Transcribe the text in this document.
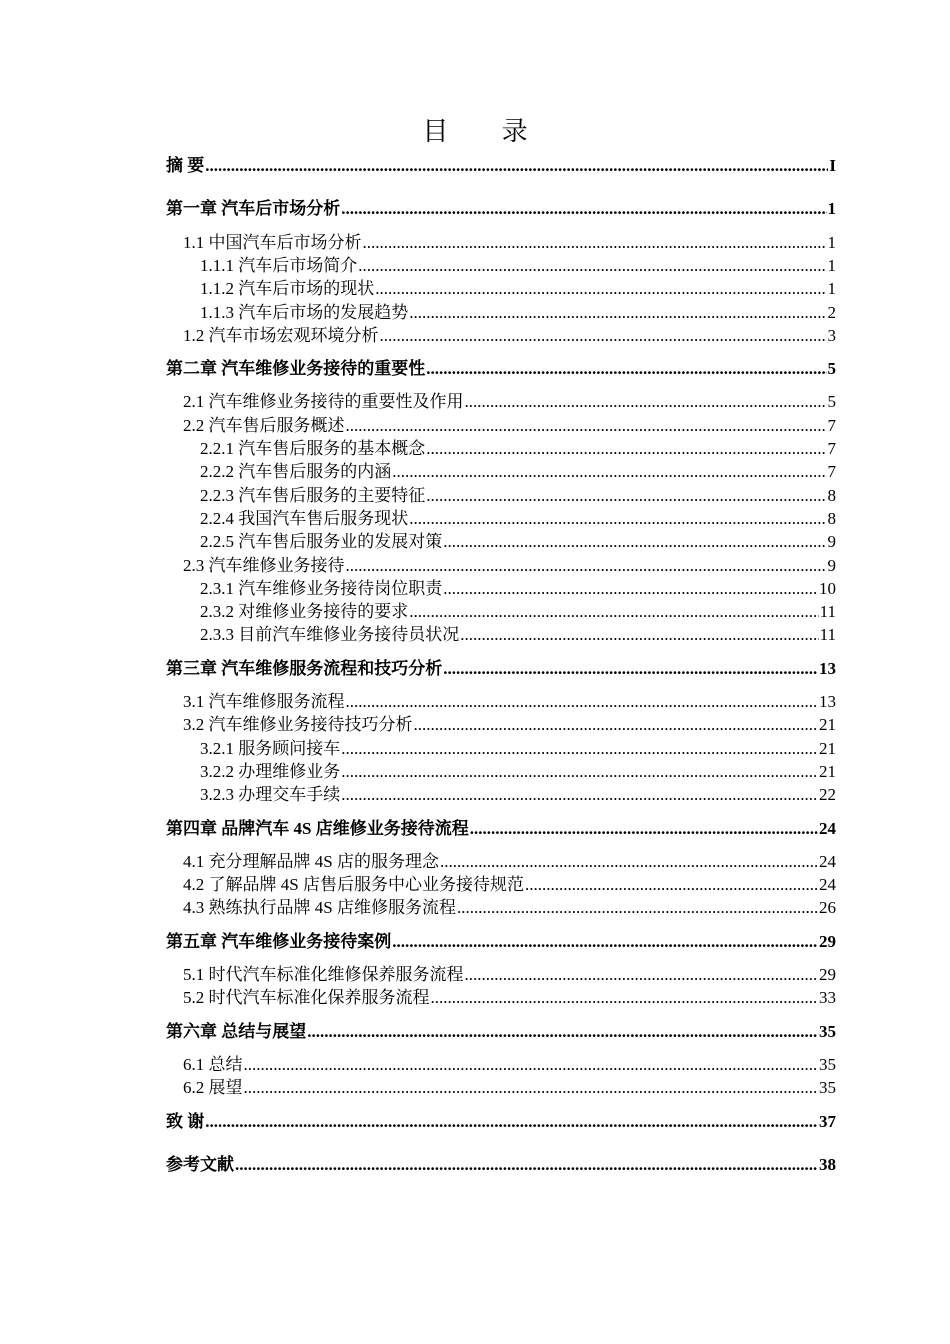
目 录
摘 要 .....	I
第一章 汽车后市场分析 .....	1
1.1 中国汽车后市场分析 .....	1
1.1.1 汽车后市场简介 .....	1
1.1.2 汽车后市场的现状 .....	1
1.1.3 汽车后市场的发展趋势 .....	2
1.2 汽车市场宏观环境分析 .....	3
第二章 汽车维修业务接待的重要性 .....	5
2.1 汽车维修业务接待的重要性及作用 .....	5
2.2 汽车售后服务概述 .....	7
2.2.1 汽车售后服务的基本概念 .....	7
2.2.2 汽车售后服务的内涵 .....	7
2.2.3 汽车售后服务的主要特征 .....	8
2.2.4 我国汽车售后服务现状 .....	8
2.2.5 汽车售后服务业的发展对策 .....	9
2.3 汽车维修业务接待 .....	9
2.3.1 汽车维修业务接待岗位职责 .....	10
2.3.2 对维修业务接待的要求 .....	11
2.3.3 目前汽车维修业务接待员状况 .....	11
第三章 汽车维修服务流程和技巧分析 .....	13
3.1 汽车维修服务流程 .....	13
3.2 汽车维修业务接待技巧分析 .....	21
3.2.1 服务顾问接车 .....	21
3.2.2 办理维修业务 .....	21
3.2.3 办理交车手续 .....	22
第四章 品牌汽车 4S 店维修业务接待流程 .....	24
4.1 充分理解品牌 4S 店的服务理念 .....	24
4.2 了解品牌 4S 店售后服务中心业务接待规范 .....	24
4.3 熟练执行品牌 4S 店维修服务流程 .....	26
第五章 汽车维修业务接待案例 .....	29
5.1 时代汽车标准化维修保养服务流程 .....	29
5.2 时代汽车标准化保养服务流程 .....	33
第六章 总结与展望 .....	35
6.1 总结 .....	35
6.2 展望 .....	35
致 谢 .....	37
参考文献 .....	38
